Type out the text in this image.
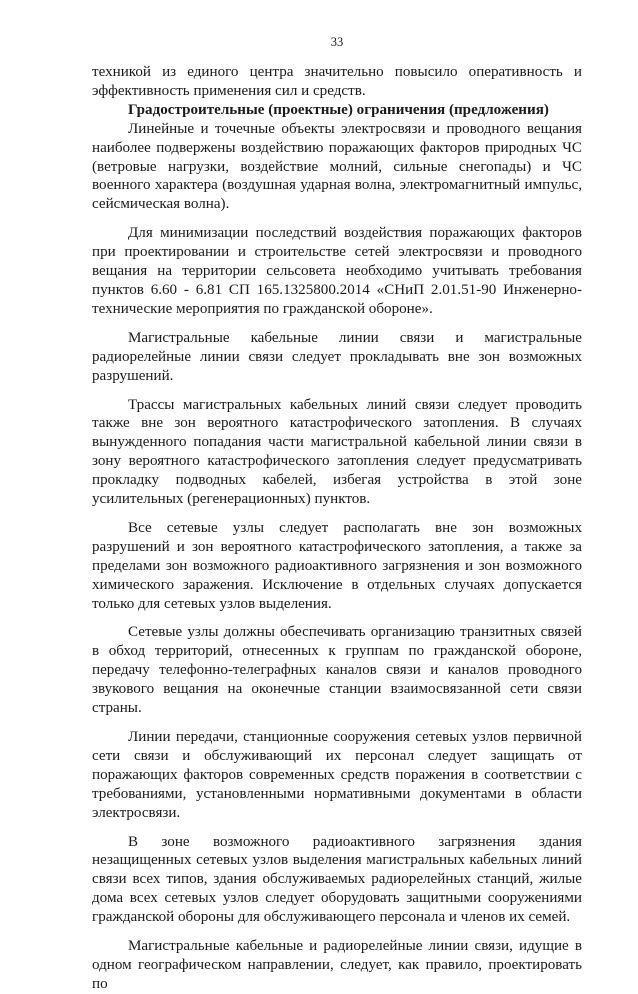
33

техникой из единого центра значительно повысило оперативность и эффективность применения сил и средств.

Градостроительные (проектные) ограничения (предложения)

Линейные и точечные объекты электросвязи и проводного вещания наиболее подвержены воздействию поражающих факторов природных ЧС (ветровые нагрузки, воздействие молний, сильные снегопады) и ЧС военного характера (воздушная ударная волна, электромагнитный импульс, сейсмическая волна).

Для минимизации последствий воздействия поражающих факторов при проектировании и строительстве сетей электросвязи и проводного вещания на территории сельсовета необходимо учитывать требования пунктов 6.60 - 6.81 СП 165.1325800.2014 «СНиП 2.01.51-90 Инженерно-технические мероприятия по гражданской обороне».

Магистральные кабельные линии связи и магистральные радиорелейные линии связи следует прокладывать вне зон возможных разрушений.

Трассы магистральных кабельных линий связи следует проводить также вне зон вероятного катастрофического затопления. В случаях вынужденного попадания части магистральной кабельной линии связи в зону вероятного катастрофического затопления следует предусматривать прокладку подводных кабелей, избегая устройства в этой зоне усилительных (регенерационных) пунктов.

Все сетевые узлы следует располагать вне зон возможных разрушений и зон вероятного катастрофического затопления, а также за пределами зон возможного радиоактивного загрязнения и зон возможного химического заражения. Исключение в отдельных случаях допускается только для сетевых узлов выделения.

Сетевые узлы должны обеспечивать организацию транзитных связей в обход территорий, отнесенных к группам по гражданской обороне, передачу телефонно-телеграфных каналов связи и каналов проводного звукового вещания на оконечные станции взаимосвязанной сети связи страны.

Линии передачи, станционные сооружения сетевых узлов первичной сети связи и обслуживающий их персонал следует защищать от поражающих факторов современных средств поражения в соответствии с требованиями, установленными нормативными документами в области электросвязи.

В зоне возможного радиоактивного загрязнения здания незащищенных сетевых узлов выделения магистральных кабельных линий связи всех типов, здания обслуживаемых радиорелейных станций, жилые дома всех сетевых узлов следует оборудовать защитными сооружениями гражданской обороны для обслуживающего персонала и членов их семей.

Магистральные кабельные и радиорелейные линии связи, идущие в одном географическом направлении, следует, как правило, проектировать по
